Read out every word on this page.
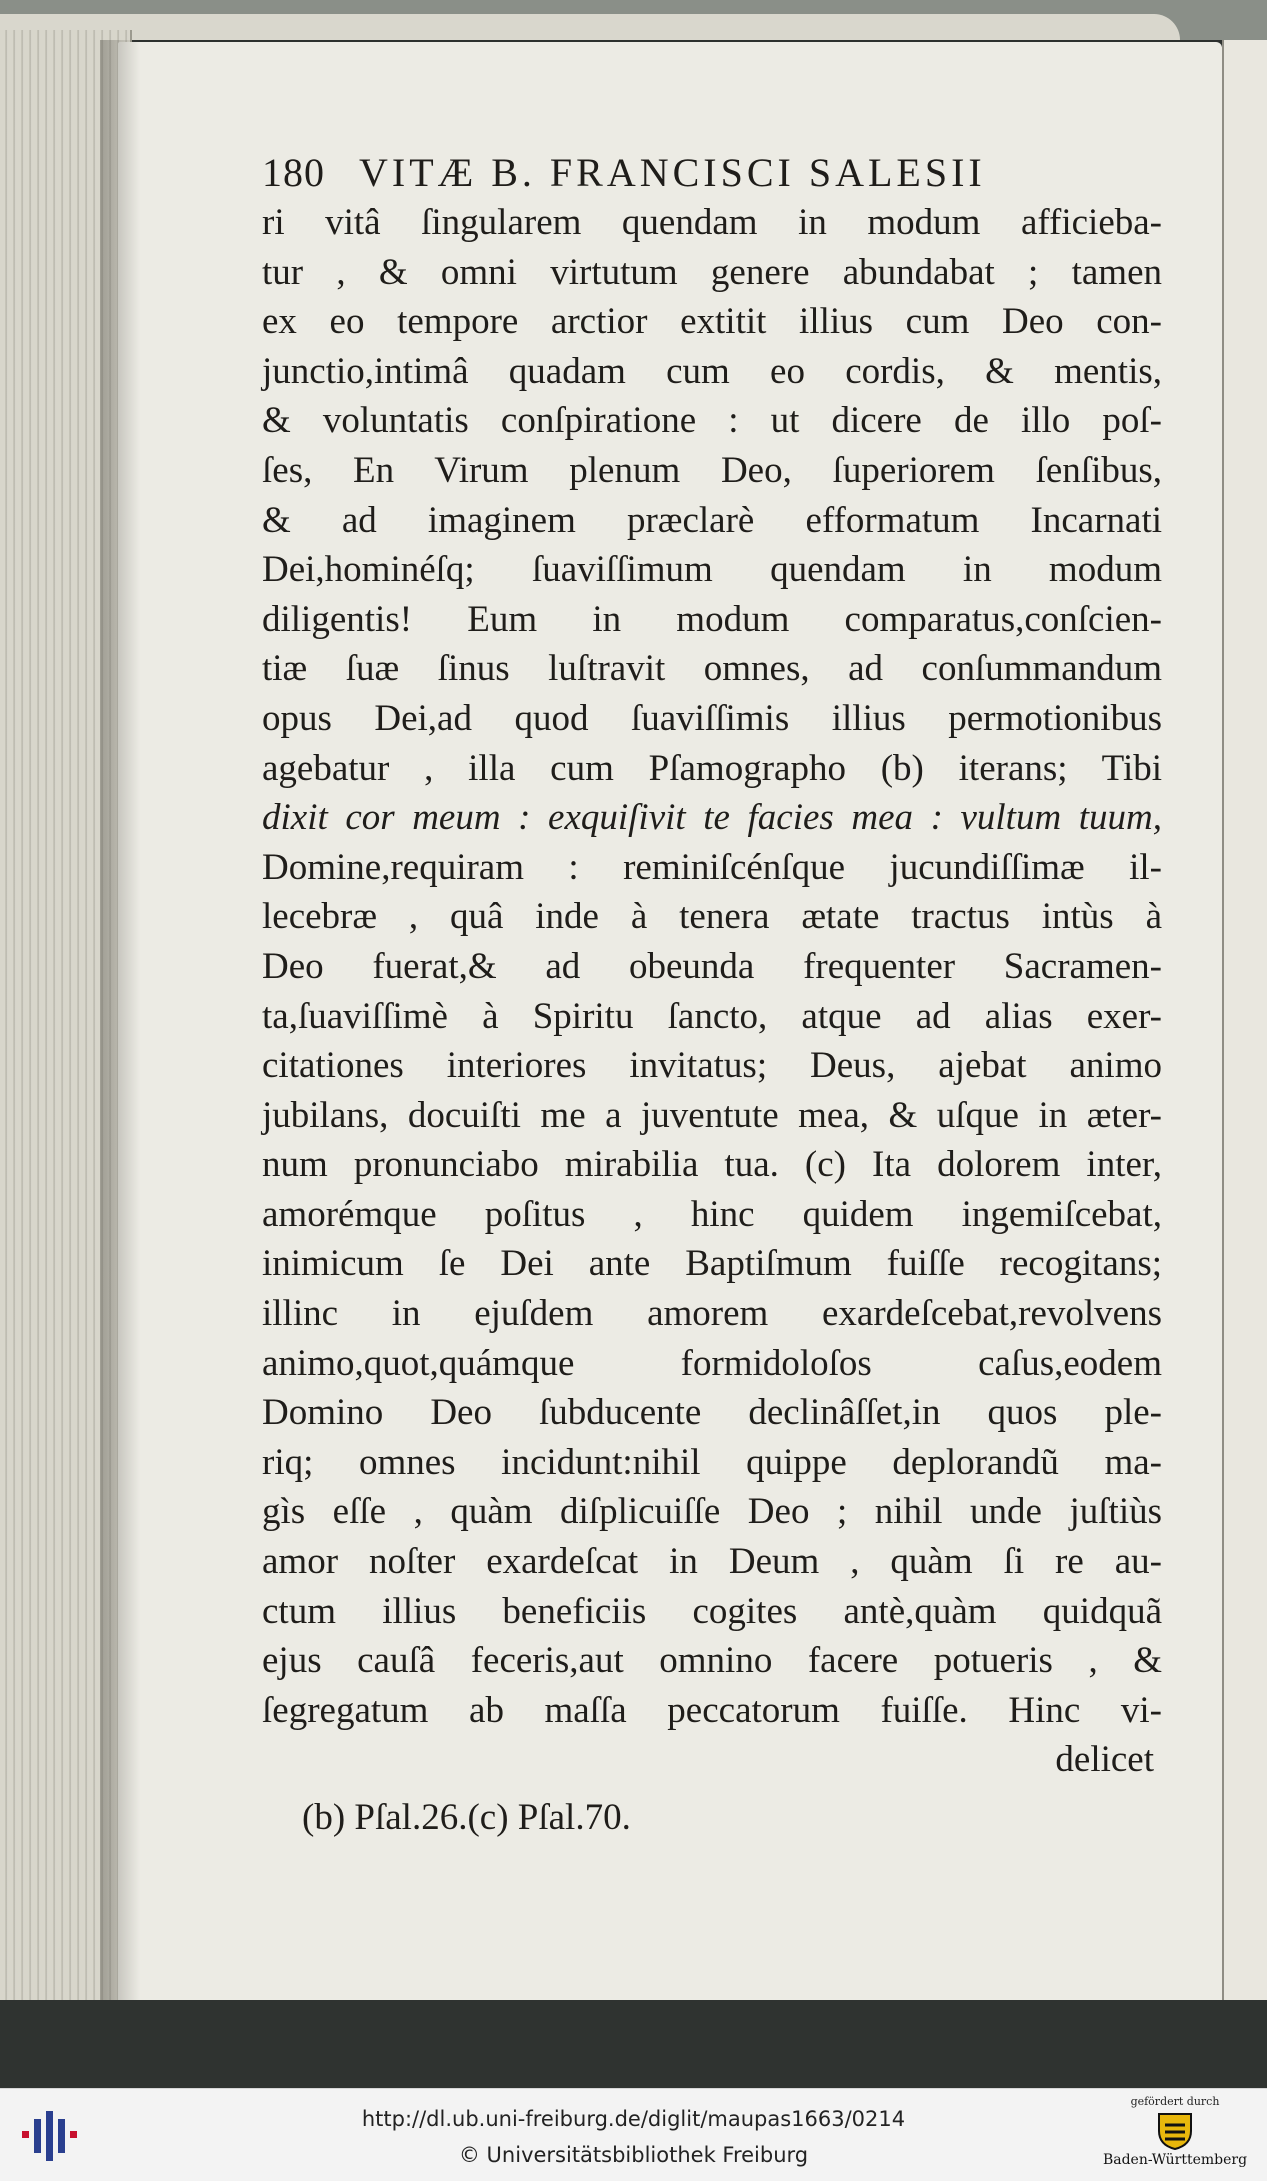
180 VITÆ B. FRANCISCI SALESII
ri vitâ ſingularem quendam in modum afficieba-
tur , & omni virtutum genere abundabat ; tamen
ex eo tempore arctior extitit illius cum Deo con-
junctio,intimâ quadam cum eo cordis, & mentis,
& voluntatis conſpiratione : ut dicere de illo poſ-
ſes, En Virum plenum Deo, ſuperiorem ſenſibus,
& ad imaginem præclarè efformatum Incarnati
Dei,hominéſq; ſuaviſſimum quendam in modum
diligentis! Eum in modum comparatus,conſcien-
tiæ ſuæ ſinus luſtravit omnes, ad conſummandum
opus Dei,ad quod ſuaviſſimis illius permotionibus
agebatur , illa cum Pſamographo (b) iterans; Tibi
dixit cor meum : exquiſivit te facies mea : vultum tuum,
Domine,requiram : reminiſcénſque jucundiſſimæ il-
lecebræ , quâ inde à tenera ætate tractus intùs à
Deo fuerat,& ad obeunda frequenter Sacramen-
ta,ſuaviſſimè à Spiritu ſancto, atque ad alias exer-
citationes interiores invitatus; Deus, ajebat animo
jubilans, docuiſti me a juventute mea, & uſque in æter-
num pronunciabo mirabilia tua. (c) Ita dolorem inter,
amorémque poſitus , hinc quidem ingemiſcebat,
inimicum ſe Dei ante Baptiſmum fuiſſe recogitans;
illinc in ejuſdem amorem exardeſcebat,revolvens
animo,quot,quámque formidoloſos caſus,eodem
Domino Deo ſubducente declinâſſet,in quos ple-
riq; omnes incidunt:nihil quippe deplorandũ ma-
gìs eſſe , quàm diſplicuiſſe Deo ; nihil unde juſtiùs
amor noſter exardeſcat in Deum , quàm ſi re au-
ctum illius beneficiis cogites antè,quàm quidquã
ejus cauſâ feceris,aut omnino facere potueris , &
ſegregatum ab maſſa peccatorum fuiſſe. Hinc vi-
delicet
(b) Pſal.26.(c) Pſal.70.
http://dl.ub.uni-freiburg.de/diglit/maupas1663/0214
© Universitätsbibliothek Freiburg
gefördert durch
Baden-Württemberg
